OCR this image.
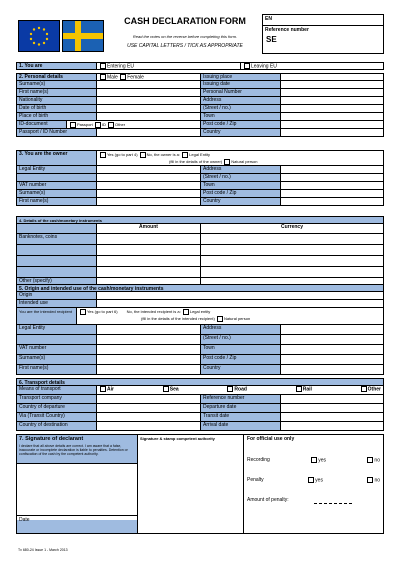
CASH DECLARATION FORM
Read the notes on the reverse before completing this form.
USE CAPITAL LETTERS / TICK AS APPROPRIATE
EN
Reference number
SE
1. You are	Entering EU	Leaving EU
2. Personal details	Male Female	Issuing place
Surname(s)	Issuing date
First name(s)	Personal Number
Nationality	Address
Date of birth	(Street / no.)
Place of birth	Town
ID-document	Passport ID Other	Post code / Zip
Passport / ID Number	Country
3. You are the owner	Yes (go to part 4) No, the owner is a: Legal Entity
(fill in the details of the owner) Natural person
Legal Entity	Address
(Street / no.)
VAT number	Town
Surname(s)	Post code / Zip
First name(s)	Country
4. Details of the cash/monetary instruments
Amount	Currency
Banknotes, coins
Other (specify)
5. Origin and intended use of the cash/monetary instruments
Origin
Intended use
You are the intended recipient	Yes (go to part 6) No, the intended recipient is a: Legal entity
(fill in the details of the intended recipient) Natural person
Legal Entity	Address
(Street / no.)
VAT number	Town
Surname(s)	Post code / Zip
First name(s)	Country
6. Transport details
Means of transport	Air	Sea	Road	Rail	Other
Transport company	Reference number
Country of departure	Departure date
Via (Transit Country)	Transit date
Country of destination	Arrival date
7. Signature of declarant
I declare that all above details are correct. I am aware that a false, inaccurate or incomplete declaration is liable to penalties. Detention or confiscation of the cash by the competent authority.
Date
Signature & stamp competent authority	For official use only
Recording	yes	no
Penalty	yes	no
Amount of penalty:
Tv 680-24 Issue 1 - March 2013
